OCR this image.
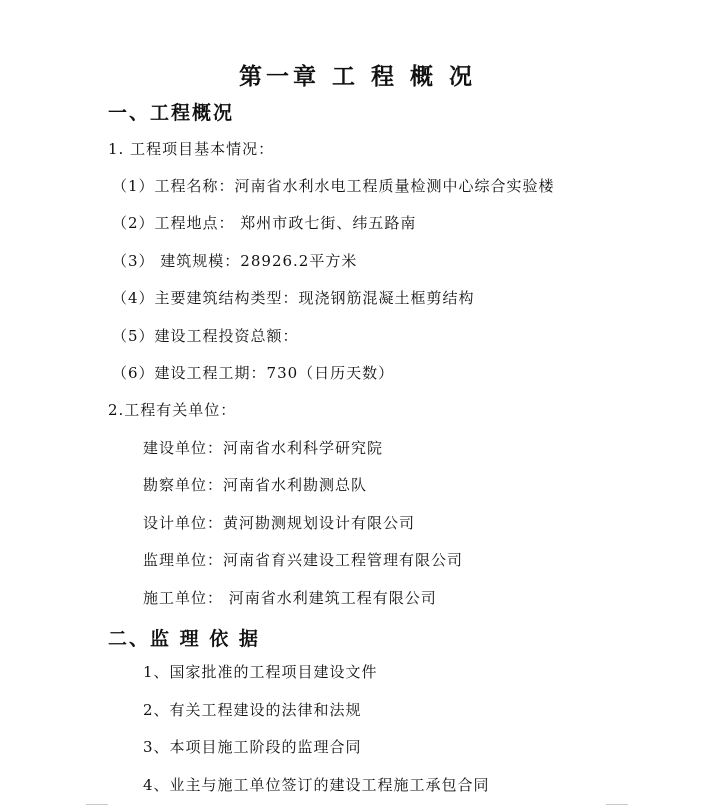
第一章 工 程 概 况
一、工程概况
1. 工程项目基本情况：
（1）工程名称：河南省水利水电工程质量检测中心综合实验楼
（2）工程地点： 郑州市政七街、纬五路南
（3） 建筑规模：28926.2平方米
（4）主要建筑结构类型：现浇钢筋混凝土框剪结构
（5）建设工程投资总额：
（6）建设工程工期：730（日历天数）
2.工程有关单位：
建设单位：河南省水利科学研究院
勘察单位：河南省水利勘测总队
设计单位：黄河勘测规划设计有限公司
监理单位：河南省育兴建设工程管理有限公司
施工单位： 河南省水利建筑工程有限公司
二、监 理 依 据
1、国家批准的工程项目建设文件
2、有关工程建设的法律和法规
3、本项目施工阶段的监理合同
4、业主与施工单位签订的建设工程施工承包合同
